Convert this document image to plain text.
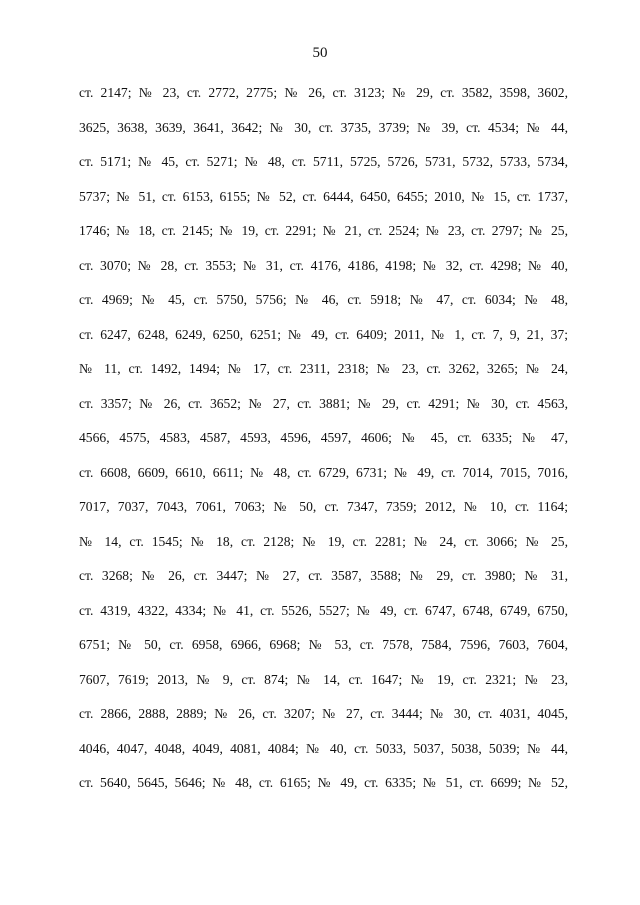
50
ст. 2147; № 23, ст. 2772, 2775; № 26, ст. 3123; № 29, ст. 3582, 3598, 3602,
3625, 3638, 3639, 3641, 3642; № 30, ст. 3735, 3739; № 39, ст. 4534; № 44,
ст. 5171; № 45, ст. 5271; № 48, ст. 5711, 5725, 5726, 5731, 5732, 5733, 5734,
5737; № 51, ст. 6153, 6155; № 52, ст. 6444, 6450, 6455; 2010, № 15, ст. 1737,
1746; № 18, ст. 2145; № 19, ст. 2291; № 21, ст. 2524; № 23, ст. 2797; № 25,
ст. 3070; № 28, ст. 3553; № 31, ст. 4176, 4186, 4198; № 32, ст. 4298; № 40,
ст. 4969; № 45, ст. 5750, 5756; № 46, ст. 5918; № 47, ст. 6034; № 48,
ст. 6247, 6248, 6249, 6250, 6251; № 49, ст. 6409; 2011, № 1, ст. 7, 9, 21, 37;
№ 11, ст. 1492, 1494; № 17, ст. 2311, 2318; № 23, ст. 3262, 3265; № 24,
ст. 3357; № 26, ст. 3652; № 27, ст. 3881; № 29, ст. 4291; № 30, ст. 4563,
4566, 4575, 4583, 4587, 4593, 4596, 4597, 4606; № 45, ст. 6335; № 47,
ст. 6608, 6609, 6610, 6611; № 48, ст. 6729, 6731; № 49, ст. 7014, 7015, 7016,
7017, 7037, 7043, 7061, 7063; № 50, ст. 7347, 7359; 2012, № 10, ст. 1164;
№ 14, ст. 1545; № 18, ст. 2128; № 19, ст. 2281; № 24, ст. 3066; № 25,
ст. 3268; № 26, ст. 3447; № 27, ст. 3587, 3588; № 29, ст. 3980; № 31,
ст. 4319, 4322, 4334; № 41, ст. 5526, 5527; № 49, ст. 6747, 6748, 6749, 6750,
6751; № 50, ст. 6958, 6966, 6968; № 53, ст. 7578, 7584, 7596, 7603, 7604,
7607, 7619; 2013, № 9, ст. 874; № 14, ст. 1647; № 19, ст. 2321; № 23,
ст. 2866, 2888, 2889; № 26, ст. 3207; № 27, ст. 3444; № 30, ст. 4031, 4045,
4046, 4047, 4048, 4049, 4081, 4084; № 40, ст. 5033, 5037, 5038, 5039; № 44,
ст. 5640, 5645, 5646; № 48, ст. 6165; № 49, ст. 6335; № 51, ст. 6699; № 52,
